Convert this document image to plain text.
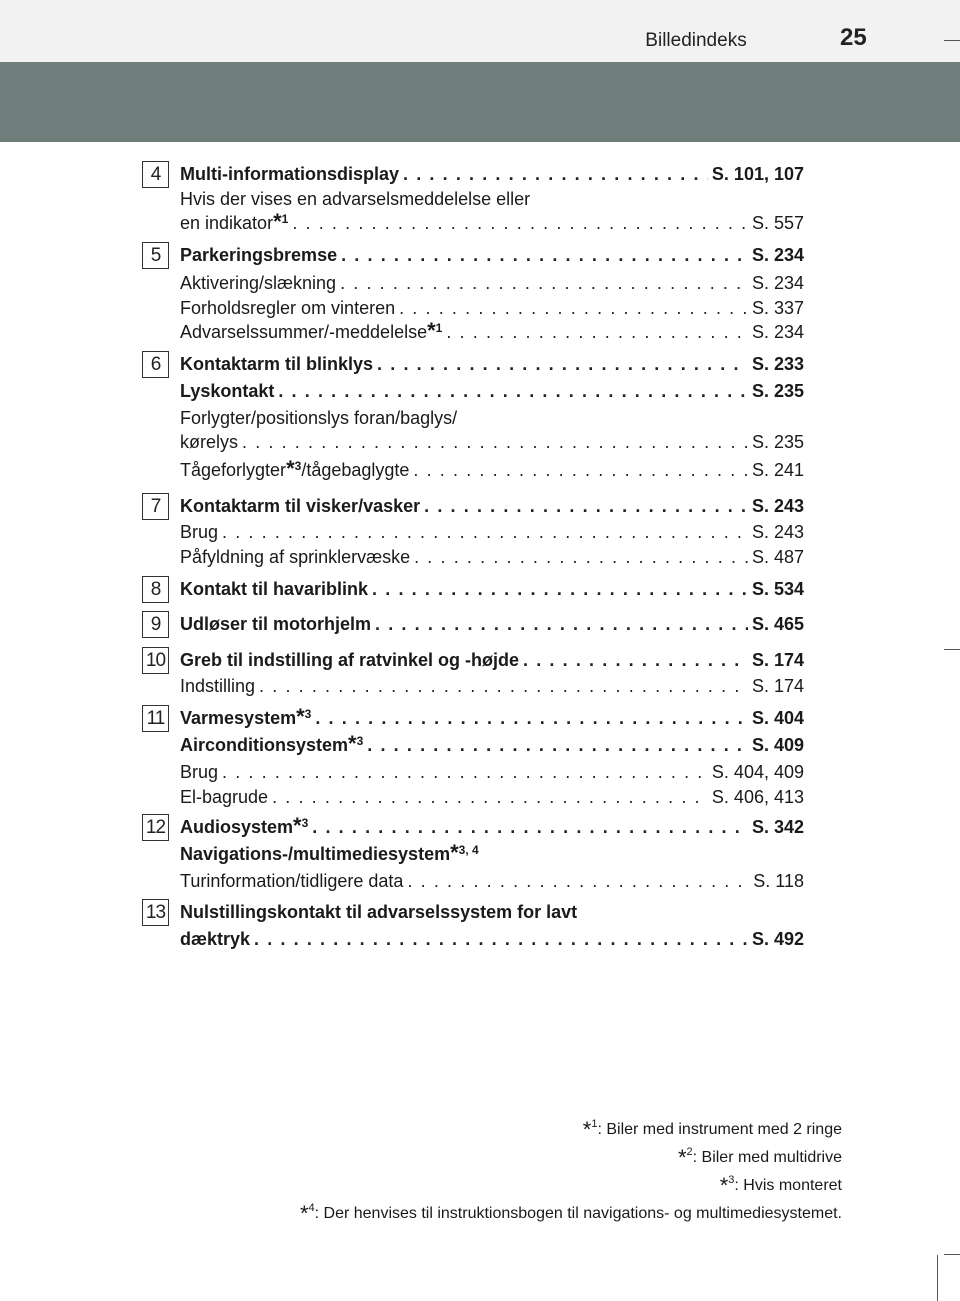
Billedindeks	25
4	Multi-informationsdisplay . . .	S. 101, 107
Hvis der vises en advarselsmeddelelse eller
en indikator$^{*1}$ . . .	S. 557
5	Parkeringsbremse . . .	S. 234
Aktivering/slækning . . .	S. 234
Forholdsregler om vinteren . . .	S. 337
Advarselssummer/-meddelelse$^{*1}$ . . .	S. 234
6	Kontaktarm til blinklys . . .	S. 233
Lyskontakt . . .	S. 235
Forlygter/positionslys foran/baglys/
kørelys . . .	S. 235
Tågeforlygter$^{*3}$/tågebaglygte . . .	S. 241
7	Kontaktarm til visker/vasker . . .	S. 243
Brug . . .	S. 243
Påfyldning af sprinklervæske . . .	S. 487
8	Kontakt til havariblink . . .	S. 534
9	Udløser til motorhjelm . . .	S. 465
10 Greb til indstilling af ratvinkel og -højde . . .	S. 174
Indstilling . . .	S. 174
11 Varmesystem$^{*3}$ . . .	S. 404
Airconditionsystem$^{*3}$ . . .	S. 409
Brug . . .	S. 404, 409
El-bagrude . . .	S. 406, 413
12 Audiosystem$^{*3}$ . . .	S. 342
Navigations-/multimediesystem$^{*3, 4}$
Turinformation/tidligere data . . .	S. 118
13 Nulstillingskontakt til advarselssystem for lavt
dæktryk . . .	S. 492
*$^1$: Biler med instrument med 2 ringe
*$^2$: Biler med multidrive
*$^3$: Hvis monteret
*$^4$: Der henvises til instruktionsbogen til navigations- og multimediesystemet.
